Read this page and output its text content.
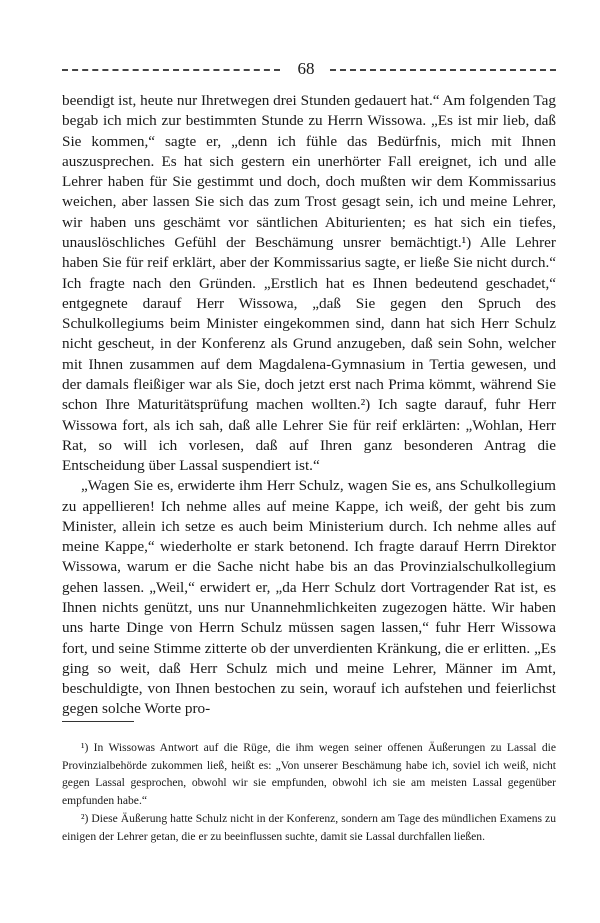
68

beendigt ist, heute nur Ihretwegen drei Stunden gedauert hat.“ Am folgenden Tag begab ich mich zur bestimmten Stunde zu Herrn Wissowa. „Es ist mir lieb, daß Sie kommen,“ sagte er, „denn ich fühle das Bedürfnis, mich mit Ihnen auszusprechen. Es hat sich gestern ein unerhörter Fall ereignet, ich und alle Lehrer haben für Sie gestimmt und doch, doch mußten wir dem Kommissarius weichen, aber lassen Sie sich das zum Trost gesagt sein, ich und meine Lehrer, wir haben uns geschämt vor säntlichen Abiturienten; es hat sich ein tiefes, unauslöschliches Gefühl der Beschämung unsrer bemächtigt.¹) Alle Lehrer haben Sie für reif erklärt, aber der Kommissarius sagte, er ließe Sie nicht durch.“ Ich fragte nach den Gründen. „Erstlich hat es Ihnen bedeutend geschadet,“ entgegnete darauf Herr Wissowa, „daß Sie gegen den Spruch des Schulkollegiums beim Minister eingekommen sind, dann hat sich Herr Schulz nicht gescheut, in der Konferenz als Grund anzugeben, daß sein Sohn, welcher mit Ihnen zusammen auf dem Magdalena-Gymnasium in Tertia gewesen, und der damals fleißiger war als Sie, doch jetzt erst nach Prima kömmt, während Sie schon Ihre Maturitätsprüfung machen wollten.²) Ich sagte darauf, fuhr Herr Wissowa fort, als ich sah, daß alle Lehrer Sie für reif erklärten: „Wohlan, Herr Rat, so will ich vorlesen, daß auf Ihren ganz besonderen Antrag die Entscheidung über Lassal suspendiert ist.“

„Wagen Sie es, erwiderte ihm Herr Schulz, wagen Sie es, ans Schulkollegium zu appellieren! Ich nehme alles auf meine Kappe, ich weiß, der geht bis zum Minister, allein ich setze es auch beim Ministerium durch. Ich nehme alles auf meine Kappe,“ wiederholte er stark betonend. Ich fragte darauf Herrn Direktor Wissowa, warum er die Sache nicht habe bis an das Provinzialschulkollegium gehen lassen. „Weil,“ erwidert er, „da Herr Schulz dort Vortragender Rat ist, es Ihnen nichts genützt, uns nur Unannehmlichkeiten zugezogen hätte. Wir haben uns harte Dinge von Herrn Schulz müssen sagen lassen,“ fuhr Herr Wissowa fort, und seine Stimme zitterte ob der unverdienten Kränkung, die er erlitten. „Es ging so weit, daß Herr Schulz mich und meine Lehrer, Männer im Amt, beschuldigte, von Ihnen bestochen zu sein, worauf ich aufstehen und feierlichst gegen solche Worte pro-

¹) In Wissowas Antwort auf die Rüge, die ihm wegen seiner offenen Äußerungen zu Lassal die Provinzialbehörde zukommen ließ, heißt es: „Von unserer Beschämung habe ich, soviel ich weiß, nicht gegen Lassal gesprochen, obwohl wir sie empfunden, obwohl ich sie am meisten Lassal gegenüber empfunden habe.“

²) Diese Äußerung hatte Schulz nicht in der Konferenz, sondern am Tage des mündlichen Examens zu einigen der Lehrer getan, die er zu beeinflussen suchte, damit sie Lassal durchfallen ließen.
